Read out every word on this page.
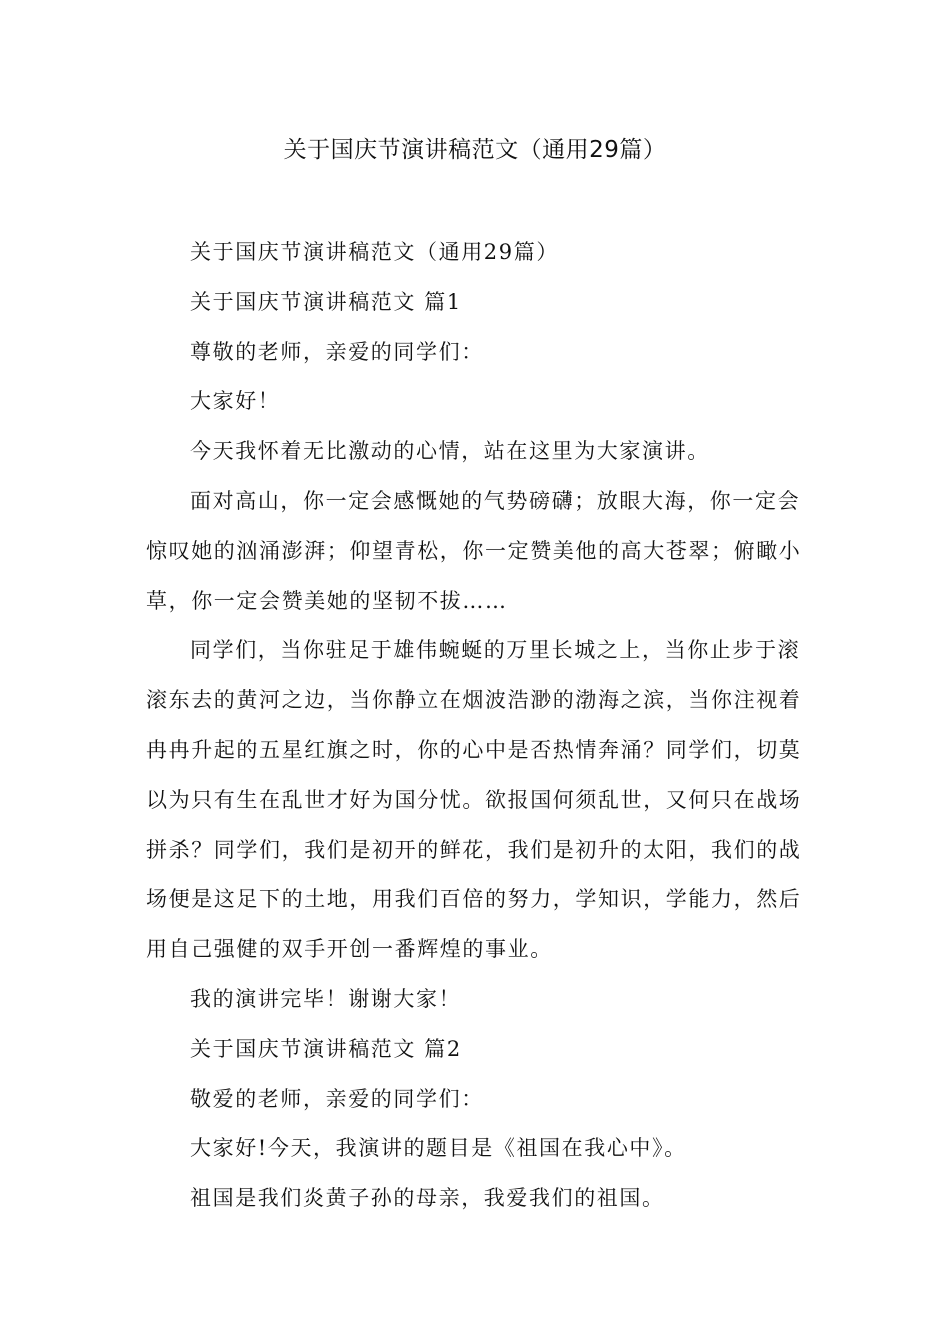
关于国庆节演讲稿范文（通用29篇）

关于国庆节演讲稿范文（通用29篇）

关于国庆节演讲稿范文 篇1

尊敬的老师，亲爱的同学们：

大家好！

今天我怀着无比激动的心情，站在这里为大家演讲。

面对高山，你一定会感慨她的气势磅礴；放眼大海，你一定会惊叹她的汹涌澎湃；仰望青松，你一定赞美他的高大苍翠；俯瞰小草，你一定会赞美她的坚韧不拔……

同学们，当你驻足于雄伟蜿蜒的万里长城之上，当你止步于滚滚东去的黄河之边，当你静立在烟波浩渺的渤海之滨，当你注视着冉冉升起的五星红旗之时，你的心中是否热情奔涌？同学们，切莫以为只有生在乱世才好为国分忧。欲报国何须乱世，又何只在战场拼杀？同学们，我们是初开的鲜花，我们是初升的太阳，我们的战场便是这足下的土地，用我们百倍的努力，学知识，学能力，然后用自己强健的双手开创一番辉煌的事业。

我的演讲完毕！谢谢大家！

关于国庆节演讲稿范文 篇2

敬爱的老师，亲爱的同学们：

大家好!今天，我演讲的题目是《祖国在我心中》。

祖国是我们炎黄子孙的母亲，我爱我们的祖国。
